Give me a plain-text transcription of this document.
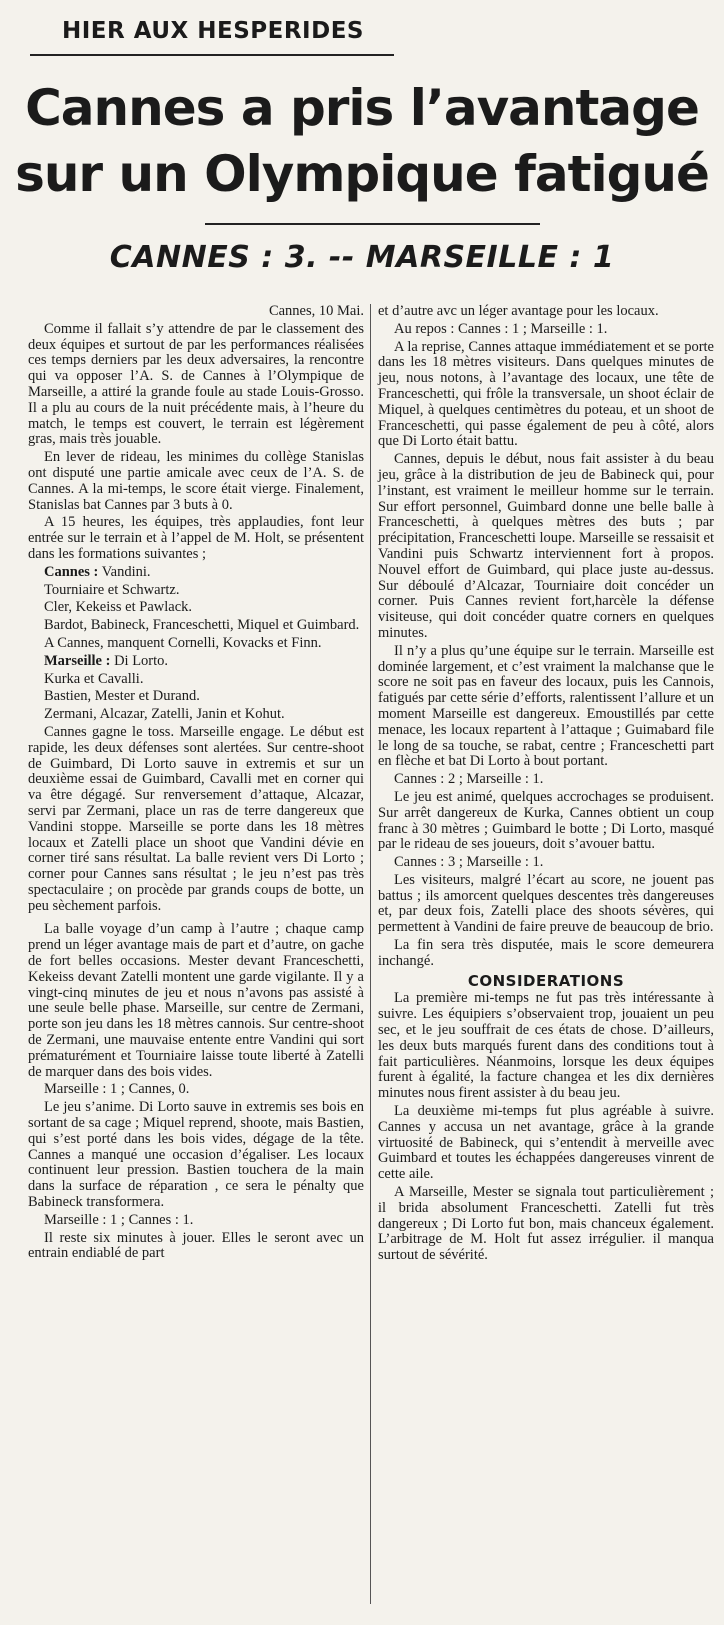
HIER AUX HESPERIDES
Cannes a pris l’avantage
sur un Olympique fatigué
CANNES : 3. -- MARSEILLE : 1

Cannes, 10 Mai.

Comme il fallait s’y attendre de par le classement des deux équipes et surtout de par les performances réalisées ces temps derniers par les deux adversaires, la rencontre qui va opposer l’A. S. de Cannes à l’Olympique de Marseille, a attiré la grande foule au stade Louis-Grosso. Il a plu au cours de la nuit précédente mais, à l’heure du match, le temps est couvert, le terrain est légèrement gras, mais très jouable.

En lever de rideau, les minimes du collège Stanislas ont disputé une partie amicale avec ceux de l’A. S. de Cannes. A la mi-temps, le score était vierge. Finalement, Stanislas bat Cannes par 3 buts à 0.

A 15 heures, les équipes, très applaudies, font leur entrée sur le terrain et à l’appel de M. Holt, se présentent dans les formations suivantes ;

Cannes : Vandini.

Tourniaire et Schwartz.

Cler, Kekeiss et Pawlack.

Bardot, Babineck, Franceschetti, Miquel et Guimbard.

A Cannes, manquent Cornelli, Kovacks et Finn.

Marseille : Di Lorto.

Kurka et Cavalli.

Bastien, Mester et Durand.

Zermani, Alcazar, Zatelli, Janin et Kohut.

Cannes gagne le toss. Marseille engage. Le début est rapide, les deux défenses sont alertées. Sur centre-shoot de Guimbard, Di Lorto sauve in extremis et sur un deuxième essai de Guimbard, Cavalli met en corner qui va être dégagé. Sur renversement d’attaque, Alcazar, servi par Zermani, place un ras de terre dangereux que Vandini stoppe. Marseille se porte dans les 18 mètres locaux et Zatelli place un shoot que Vandini dévie en corner tiré sans résultat. La balle revient vers Di Lorto ; corner pour Cannes sans résultat ; le jeu n’est pas très spectaculaire ; on procède par grands coups de botte, un peu sèchement parfois.

La balle voyage d’un camp à l’autre ; chaque camp prend un léger avantage mais de part et d’autre, on gache de fort belles occasions. Mester devant Franceschetti, Kekeiss devant Zatelli montent une garde vigilante. Il y a vingt-cinq minutes de jeu et nous n’avons pas assisté à une seule belle phase. Marseille, sur centre de Zermani, porte son jeu dans les 18 mètres cannois. Sur centre-shoot de Zermani, une mauvaise entente entre Vandini qui sort prématurément et Tourniaire laisse toute liberté à Zatelli de marquer dans des bois vides.

Marseille : 1 ; Cannes, 0.

Le jeu s’anime. Di Lorto sauve in extremis ses bois en sortant de sa cage ; Miquel reprend, shoote, mais Bastien, qui s’est porté dans les bois vides, dégage de la tête. Cannes a manqué une occasion d’égaliser. Les locaux continuent leur pression. Bastien touchera de la main dans la surface de réparation , ce sera le pénalty que Babineck transformera.

Marseille : 1 ; Cannes : 1.

Il reste six minutes à jouer. Elles le seront avec un entrain endiablé de part

et d’autre avc un léger avantage pour les locaux.

Au repos : Cannes : 1 ; Marseille : 1.

A la reprise, Cannes attaque immédiatement et se porte dans les 18 mètres visiteurs. Dans quelques minutes de jeu, nous notons, à l’avantage des locaux, une tête de Franceschetti, qui frôle la transversale, un shoot éclair de Miquel, à quelques centimètres du poteau, et un shoot de Franceschetti, qui passe également de peu à côté, alors que Di Lorto était battu.

Cannes, depuis le début, nous fait assister à du beau jeu, grâce à la distribution de jeu de Babineck qui, pour l’instant, est vraiment le meilleur homme sur le terrain. Sur effort personnel, Guimbard donne une belle balle à Franceschetti, à quelques mètres des buts ; par précipitation, Franceschetti loupe. Marseille se ressaisit et Vandini puis Schwartz interviennent fort à propos. Nouvel effort de Guimbard, qui place juste au-dessus. Sur déboulé d’Alcazar, Tourniaire doit concéder un corner. Puis Cannes revient fort,harcèle la défense visiteuse, qui doit concéder quatre corners en quelques minutes.

Il n’y a plus qu’une équipe sur le terrain. Marseille est dominée largement, et c’est vraiment la malchanse que le score ne soit pas en faveur des locaux, puis les Cannois, fatigués par cette série d’efforts, ralentissent l’allure et un moment Marseille est dangereux. Emoustillés par cette menace, les locaux repartent à l’attaque ; Guimabard file le long de sa touche, se rabat, centre ; Franceschetti part en flèche et bat Di Lorto à bout portant.

Cannes : 2 ; Marseille : 1.

Le jeu est animé, quelques accrochages se produisent. Sur arrêt dangereux de Kurka, Cannes obtient un coup franc à 30 mètres ; Guimbard le botte ; Di Lorto, masqué par le rideau de ses joueurs, doit s’avouer battu.

Cannes : 3 ; Marseille : 1.

Les visiteurs, malgré l’écart au score, ne jouent pas battus ; ils amorcent quelques descentes très dangereuses et, par deux fois, Zatelli place des shoots sévères, qui permettent à Vandini de faire preuve de beaucoup de brio.

La fin sera très disputée, mais le score demeurera inchangé.

CONSIDERATIONS

La première mi-temps ne fut pas très intéressante à suivre. Les équipiers s’observaient trop, jouaient un peu sec, et le jeu souffrait de ces états de chose. D’ailleurs, les deux buts marqués furent dans des conditions tout à fait particulières. Néanmoins, lorsque les deux équipes furent à égalité, la facture changea et les dix dernières minutes nous firent assister à du beau jeu.

La deuxième mi-temps fut plus agréable à suivre. Cannes y accusa un net avantage, grâce à la grande virtuosité de Babineck, qui s’entendit à merveille avec Guimbard et toutes les échappées dangereuses vinrent de cette aile.

A Marseille, Mester se signala tout particulièrement ; il brida absolument Franceschetti. Zatelli fut très dangereux ; Di Lorto fut bon, mais chanceux également. L’arbitrage de M. Holt fut assez irrégulier. il manqua surtout de sévérité.
